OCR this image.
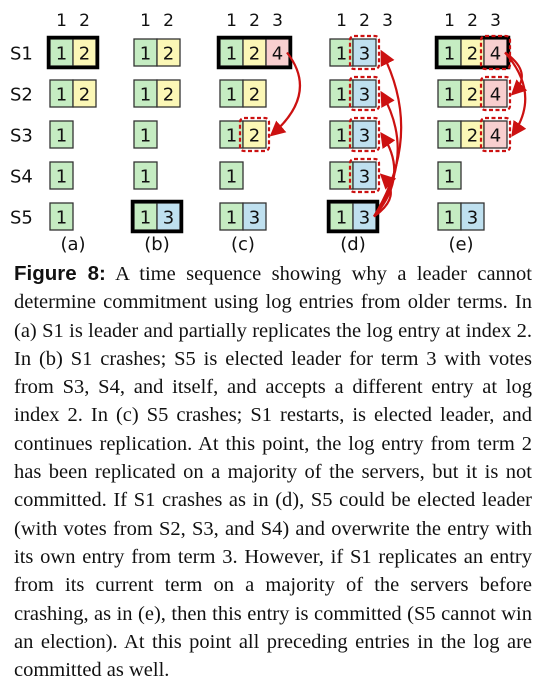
S1
S2
S3
S4
S5
1 2
1 2
1 2
1
1
1
(a)
1 2
1 2
1 2
1
1
1 3
(b)
1 2 3
1 2 4
1 2
1 2
1
1 3
(c)
1 2 3
1 3
1 3
1 3
1 3
1 3
(d)
1 2 3
1 2 4
1 2 4
1 2 4
1
1 3
(e)

Figure 8: A time sequence showing why a leader cannot determine commitment using log entries from older terms. In (a) S1 is leader and partially replicates the log entry at index 2. In (b) S1 crashes; S5 is elected leader for term 3 with votes from S3, S4, and itself, and accepts a different entry at log index 2. In (c) S5 crashes; S1 restarts, is elected leader, and continues replication. At this point, the log entry from term 2 has been replicated on a majority of the servers, but it is not committed. If S1 crashes as in (d), S5 could be elected leader (with votes from S2, S3, and S4) and overwrite the entry with its own entry from term 3. However, if S1 replicates an entry from its current term on a majority of the servers before crashing, as in (e), then this entry is committed (S5 cannot win an election). At this point all preceding entries in the log are committed as well.
